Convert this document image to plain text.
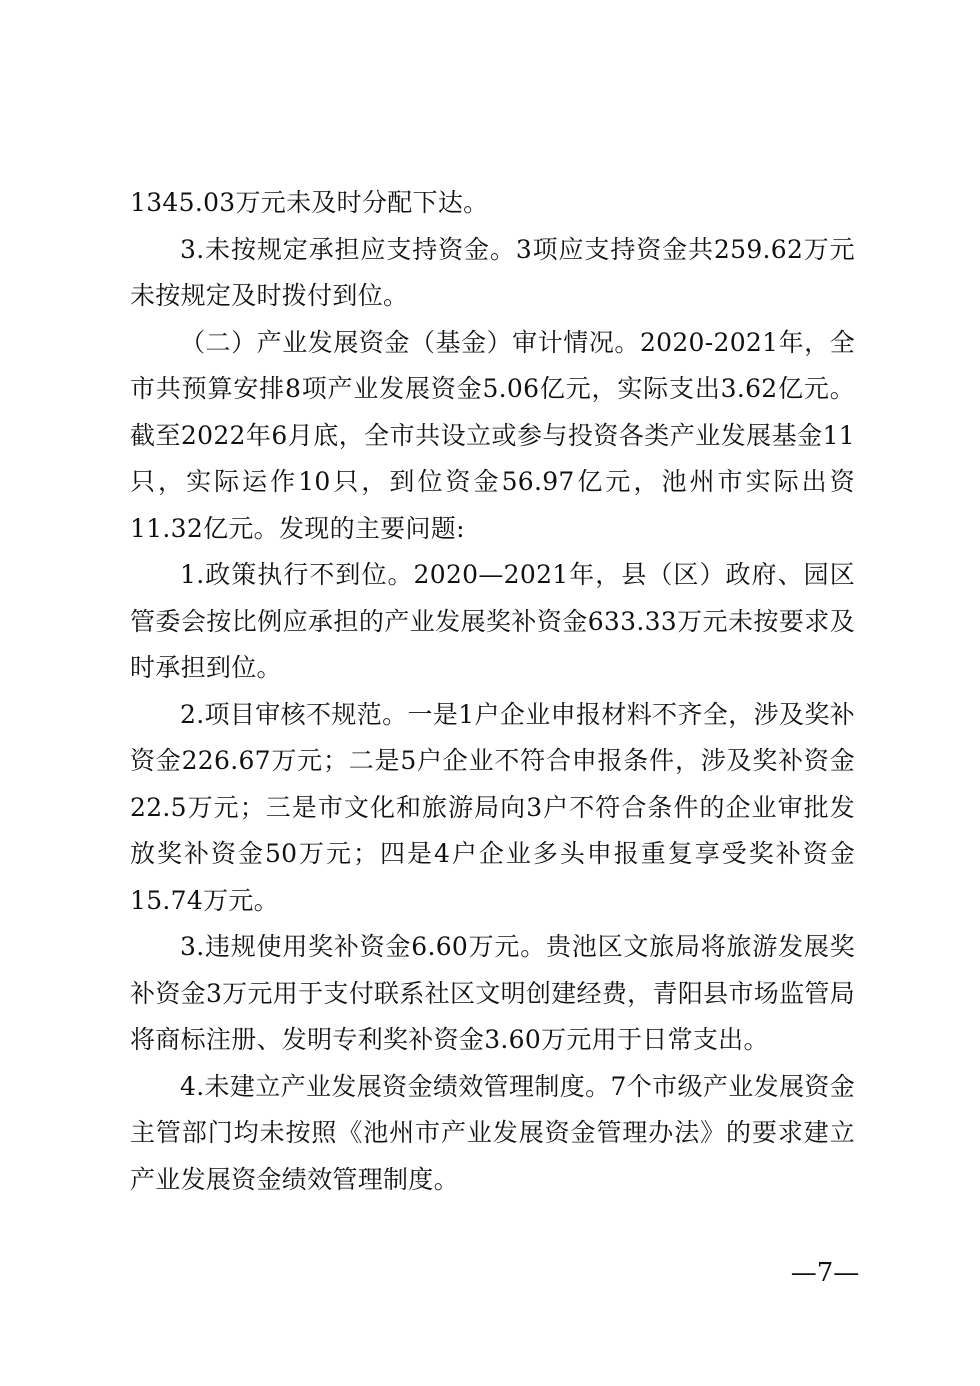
1345.03万元未及时分配下达。

3.未按规定承担应支持资金。3项应支持资金共259.62万元未按规定及时拨付到位。

（二）产业发展资金（基金）审计情况。2020-2021年，全市共预算安排8项产业发展资金5.06亿元，实际支出3.62亿元。截至2022年6月底，全市共设立或参与投资各类产业发展基金11只，实际运作10只，到位资金56.97亿元，池州市实际出资11.32亿元。发现的主要问题:

1.政策执行不到位。2020—2021年，县（区）政府、园区管委会按比例应承担的产业发展奖补资金633.33万元未按要求及时承担到位。

2.项目审核不规范。一是1户企业申报材料不齐全，涉及奖补资金226.67万元；二是5户企业不符合申报条件，涉及奖补资金22.5万元；三是市文化和旅游局向3户不符合条件的企业审批发放奖补资金50万元；四是4户企业多头申报重复享受奖补资金15.74万元。

3.违规使用奖补资金6.60万元。贵池区文旅局将旅游发展奖补资金3万元用于支付联系社区文明创建经费，青阳县市场监管局将商标注册、发明专利奖补资金3.60万元用于日常支出。

4.未建立产业发展资金绩效管理制度。7个市级产业发展资金主管部门均未按照《池州市产业发展资金管理办法》的要求建立产业发展资金绩效管理制度。

—7—
